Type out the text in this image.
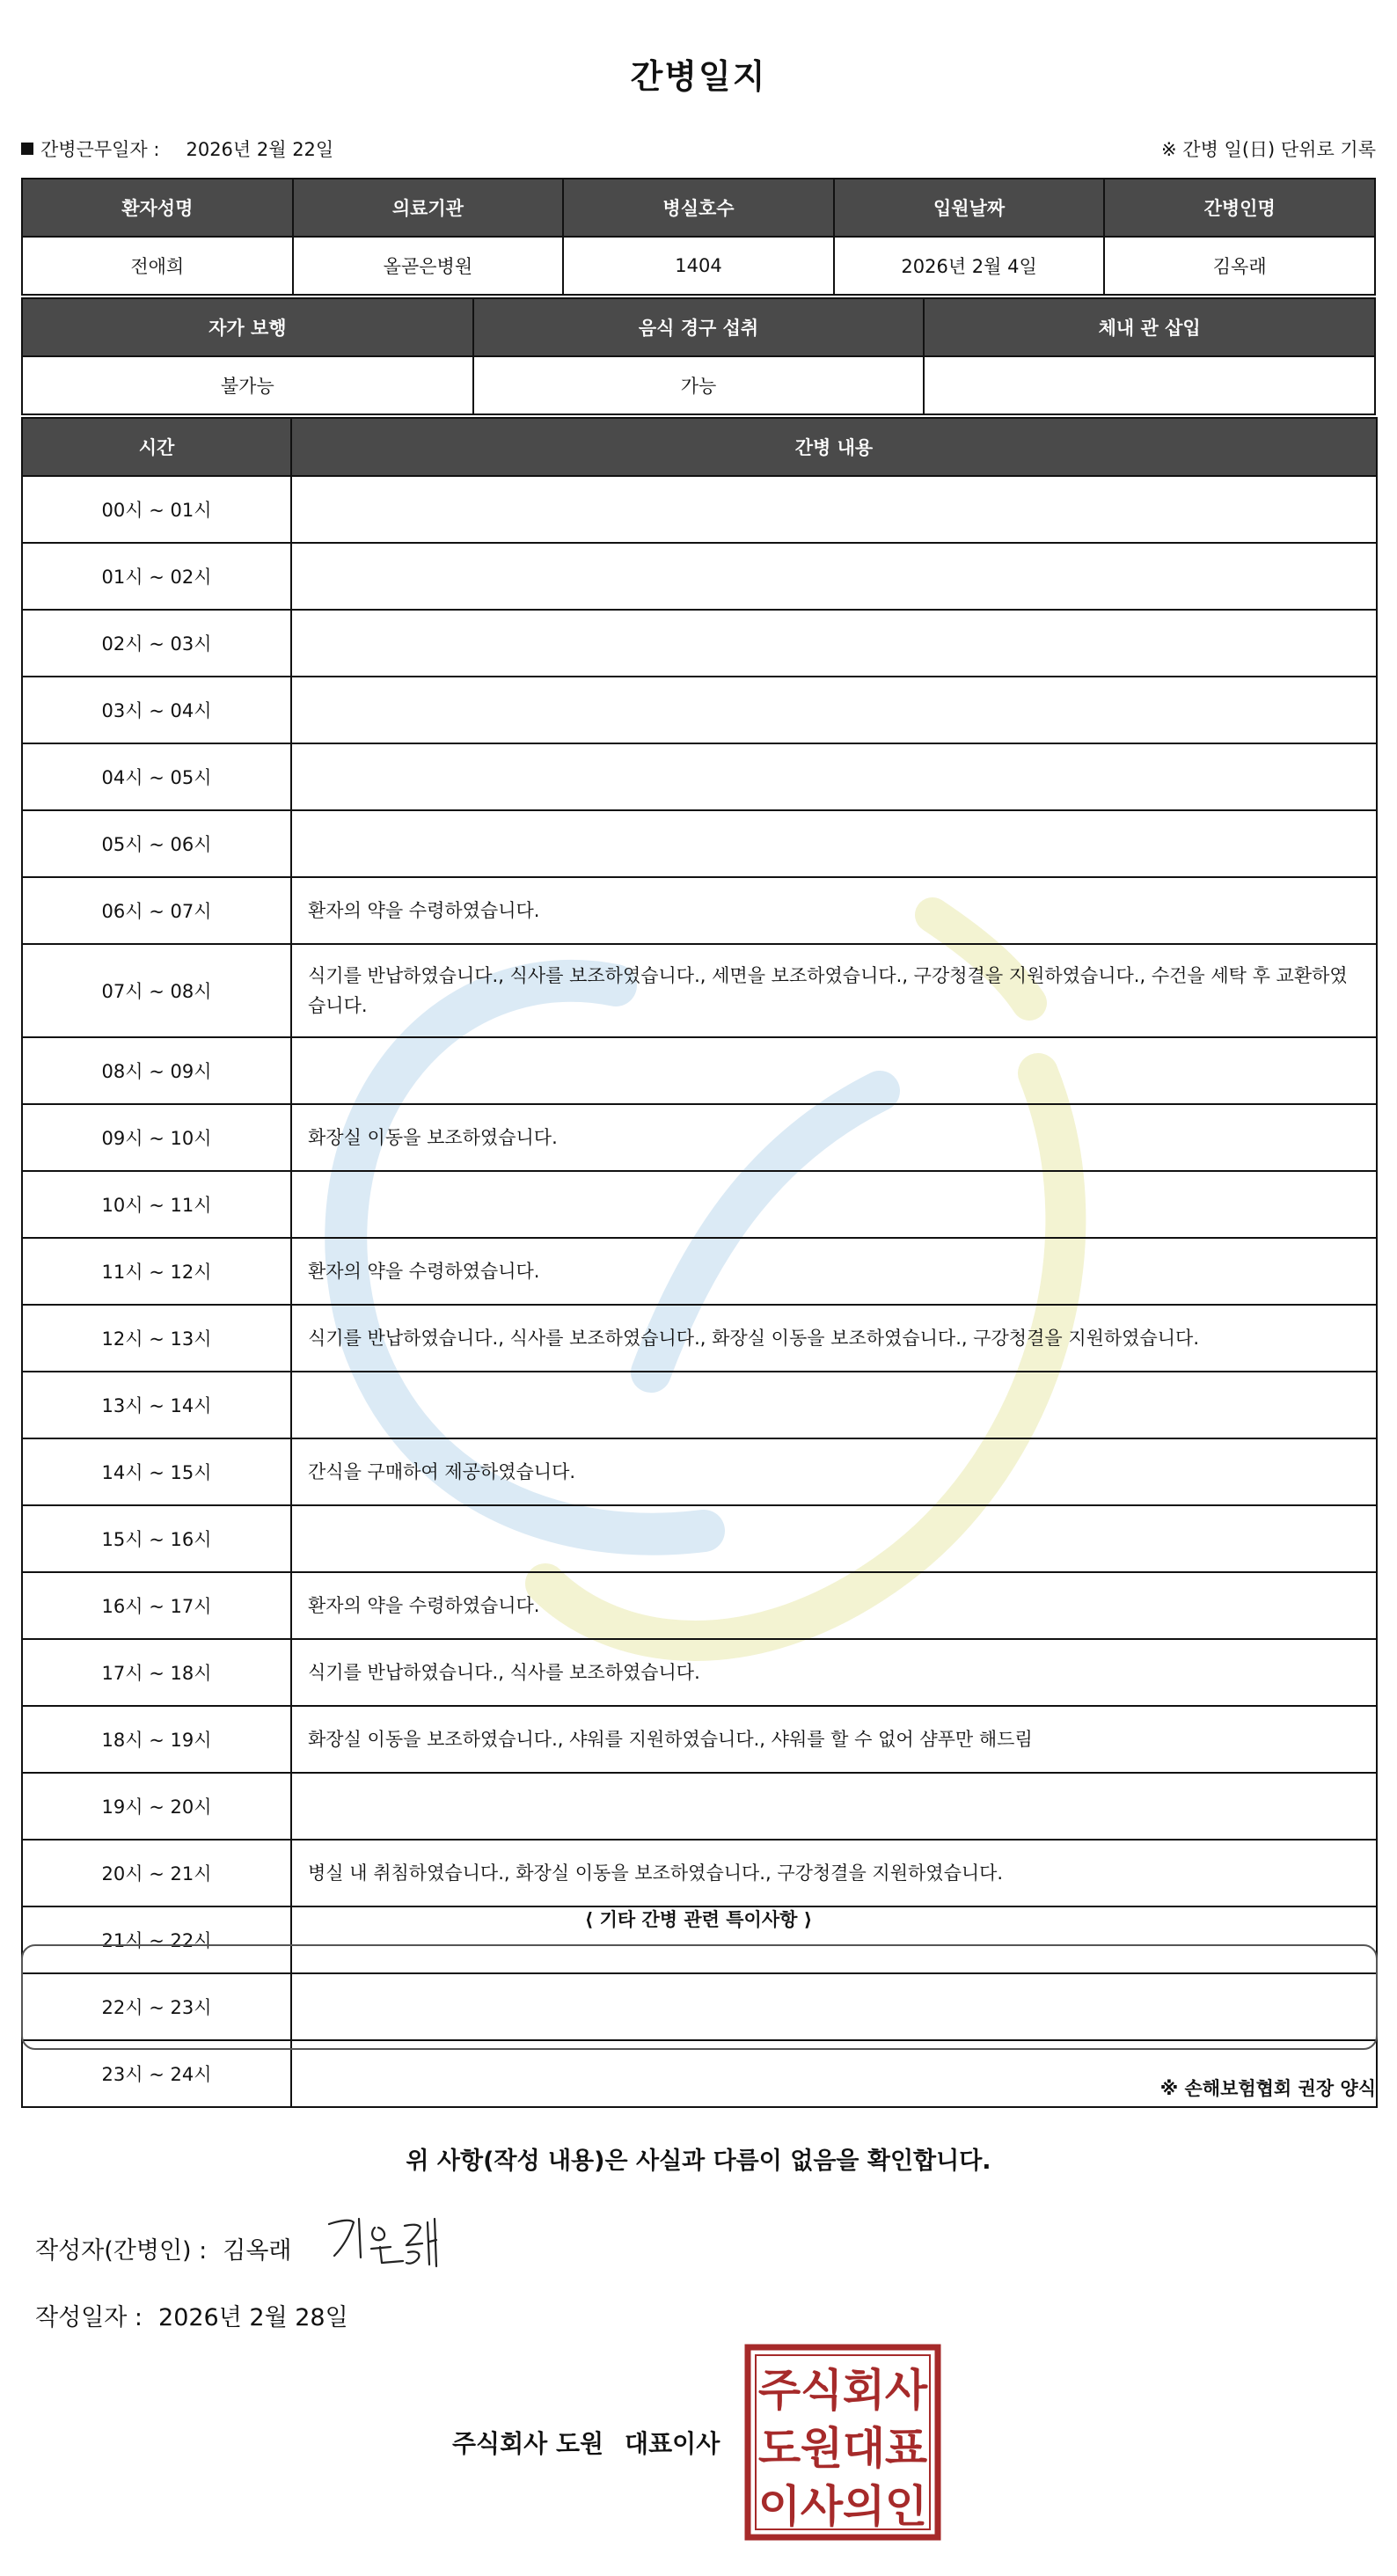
간병일지
간병근무일자 : 2026년 2월 22일	※ 간병 일(日) 단위로 기록
환자성명	의료기관	병실호수	입원날짜	간병인명
전애희	올곧은병원	1404	2026년 2월 4일	김옥래
자가 보행	음식 경구 섭취	체내 관 삽입
불가능	가능	
시간	간병 내용
00시 ~ 01시	
01시 ~ 02시	
02시 ~ 03시	
03시 ~ 04시	
04시 ~ 05시	
05시 ~ 06시	
06시 ~ 07시	환자의 약을 수령하였습니다.
07시 ~ 08시	식기를 반납하였습니다., 식사를 보조하였습니다., 세면을 보조하였습니다., 구강청결을 지원하였습니다., 수건을 세탁 후 교환하였습니다.
08시 ~ 09시	
09시 ~ 10시	화장실 이동을 보조하였습니다.
10시 ~ 11시	
11시 ~ 12시	환자의 약을 수령하였습니다.
12시 ~ 13시	식기를 반납하였습니다., 식사를 보조하였습니다., 화장실 이동을 보조하였습니다., 구강청결을 지원하였습니다.
13시 ~ 14시	
14시 ~ 15시	간식을 구매하여 제공하였습니다.
15시 ~ 16시	
16시 ~ 17시	환자의 약을 수령하였습니다.
17시 ~ 18시	식기를 반납하였습니다., 식사를 보조하였습니다.
18시 ~ 19시	화장실 이동을 보조하였습니다., 샤워를 지원하였습니다., 샤워를 할 수 없어 샴푸만 해드림
19시 ~ 20시	
20시 ~ 21시	병실 내 취침하였습니다., 화장실 이동을 보조하였습니다., 구강청결을 지원하였습니다.
21시 ~ 22시	
22시 ~ 23시	
23시 ~ 24시	
⟨ 기타 간병 관련 특이사항 ⟩
※ 손해보험협회 권장 양식
위 사항(작성 내용)은 사실과 다름이 없음을 확인합니다.
작성자(간병인) : 김옥래
작성일자 : 2026년 2월 28일
주식회사 도원 대표이사
주 식 회 사
도 원 대 표
이 사 의 인
